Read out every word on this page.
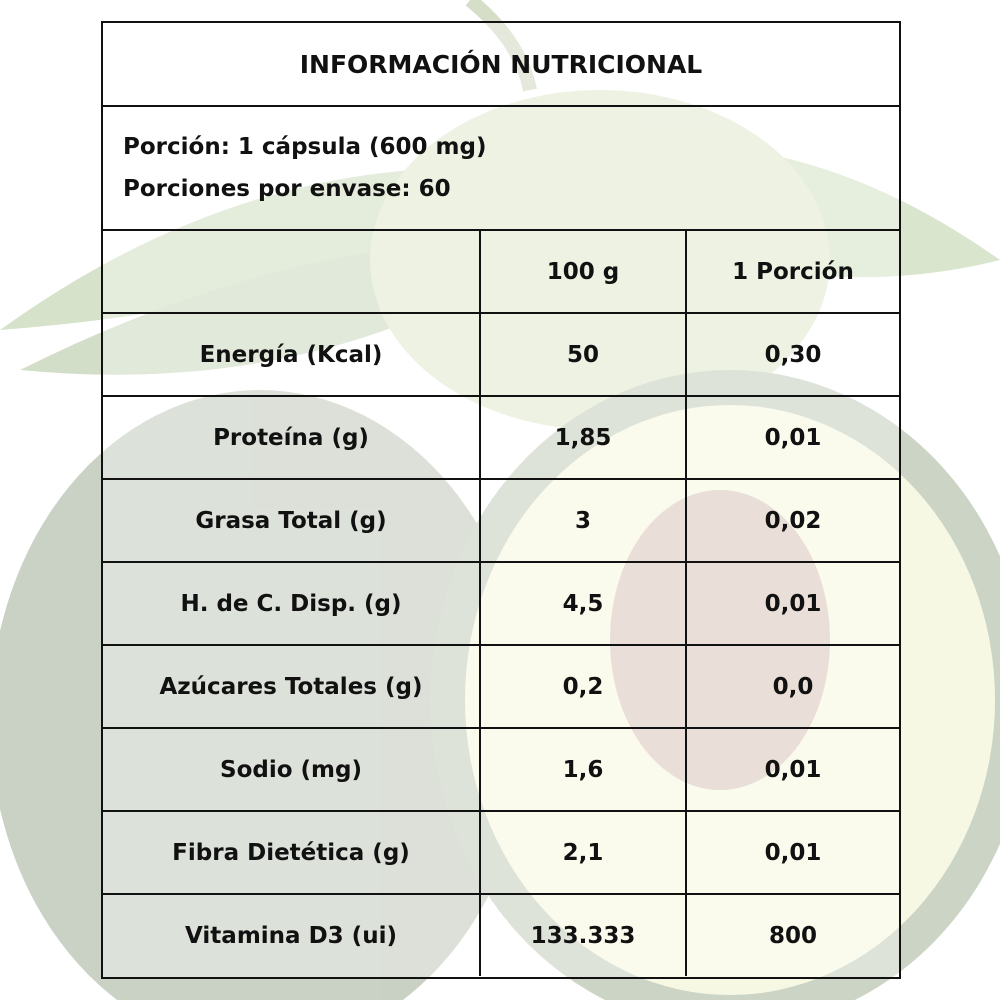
INFORMACIÓN NUTRICIONAL
Porción: 1 cápsula (600 mg)
Porciones por envase: 60
	100 g	1 Porción
Energía (Kcal)	50	0,30
Proteína (g)	1,85	0,01
Grasa Total (g)	3	0,02
H. de C. Disp. (g)	4,5	0,01
Azúcares Totales (g)	0,2	0,0
Sodio (mg)	1,6	0,01
Fibra Dietética (g)	2,1	0,01
Vitamina D3 (ui)	133.333	800
